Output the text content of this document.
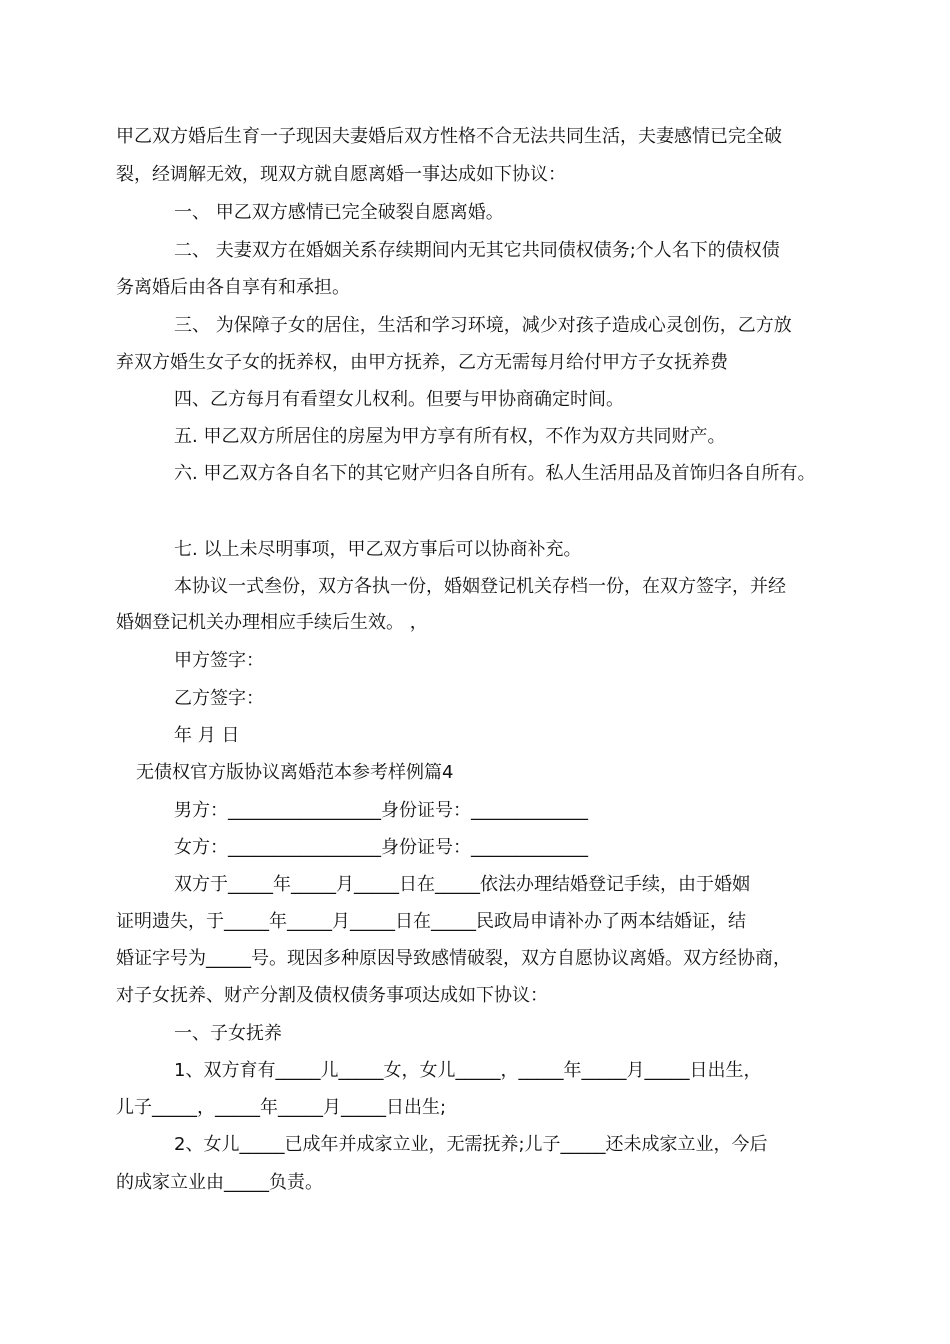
甲乙双方婚后生育一子现因夫妻婚后双方性格不合无法共同生活，夫妻感情已完全破
裂，经调解无效，现双方就自愿离婚一事达成如下协议：
一、 甲乙双方感情已完全破裂自愿离婚。
二、 夫妻双方在婚姻关系存续期间内无其它共同债权债务;个人名下的债权债
务离婚后由各自享有和承担。
三、 为保障子女的居住，生活和学习环境，减少对孩子造成心灵创伤，乙方放
弃双方婚生女子女的抚养权，由甲方抚养，乙方无需每月给付甲方子女抚养费
四、乙方每月有看望女儿权利。但要与甲协商确定时间。
五. 甲乙双方所居住的房屋为甲方享有所有权，不作为双方共同财产。
六. 甲乙双方各自名下的其它财产归各自所有。私人生活用品及首饰归各自所有。
七. 以上未尽明事项，甲乙双方事后可以协商补充。
本协议一式叁份，双方各执一份，婚姻登记机关存档一份，在双方签字，并经
婚姻登记机关办理相应手续后生效。 ，
甲方签字：
乙方签字：
年 月 日
无债权官方版协议离婚范本参考样例篇4
男方：_________________身份证号：_____________
女方：_________________身份证号：_____________
双方于_____年_____月_____日在_____依法办理结婚登记手续，由于婚姻
证明遗失，于_____年_____月_____日在_____民政局申请补办了两本结婚证，结
婚证字号为_____号。现因多种原因导致感情破裂，双方自愿协议离婚。双方经协商，
对子女抚养、财产分割及债权债务事项达成如下协议：
一、子女抚养
1、双方育有_____儿_____女，女儿_____，_____年_____月_____日出生，
儿子_____，_____年_____月_____日出生;
2、女儿_____已成年并成家立业，无需抚养;儿子_____还未成家立业，今后
的成家立业由_____负责。
